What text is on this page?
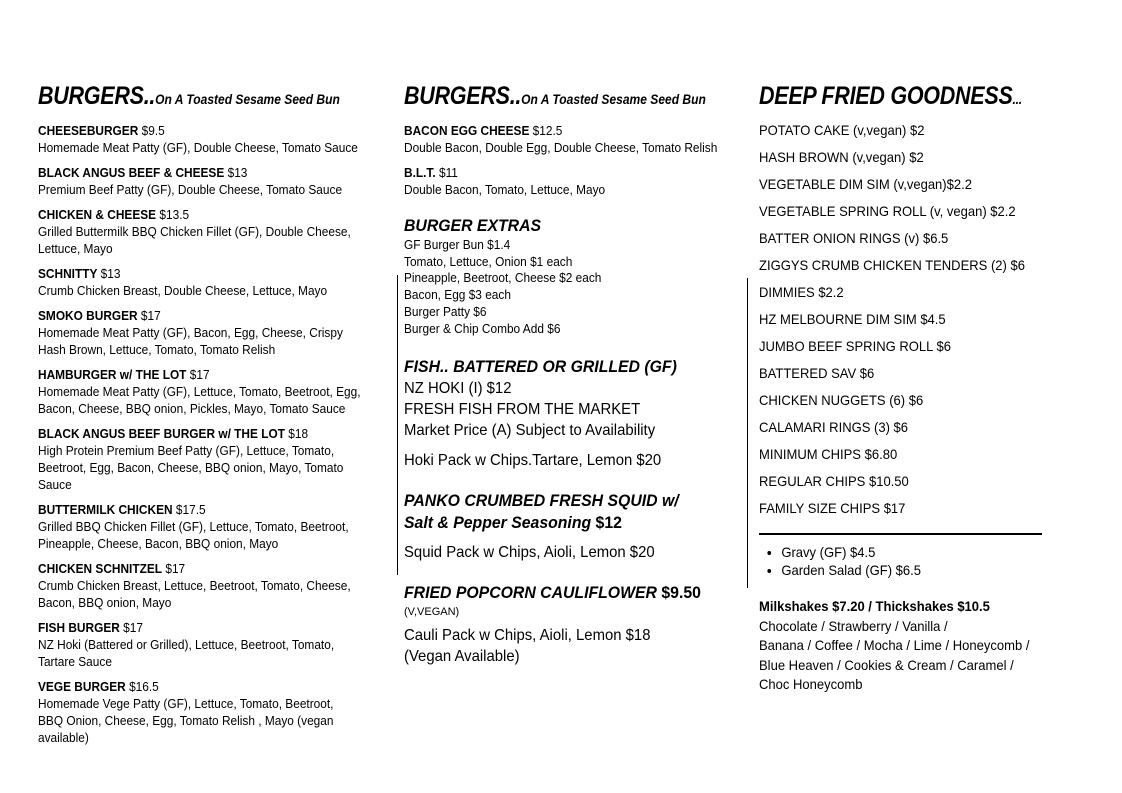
BURGERS..On A Toasted Sesame Seed Bun
CHEESEBURGER $9.5
Homemade Meat Patty (GF), Double Cheese, Tomato Sauce
BLACK ANGUS BEEF & CHEESE $13
Premium Beef Patty (GF), Double Cheese, Tomato Sauce
CHICKEN & CHEESE $13.5
Grilled Buttermilk BBQ Chicken Fillet (GF), Double Cheese, Lettuce, Mayo
SCHNITTY $13
Crumb Chicken Breast, Double Cheese, Lettuce, Mayo
SMOKO BURGER $17
Homemade Meat Patty (GF), Bacon, Egg, Cheese, Crispy Hash Brown, Lettuce, Tomato, Tomato Relish
HAMBURGER w/ THE LOT $17
Homemade Meat Patty (GF), Lettuce, Tomato, Beetroot, Egg, Bacon, Cheese, BBQ onion, Pickles, Mayo, Tomato Sauce
BLACK ANGUS BEEF BURGER w/ THE LOT $18
High Protein Premium Beef Patty (GF), Lettuce, Tomato, Beetroot, Egg, Bacon, Cheese, BBQ onion, Mayo, Tomato Sauce
BUTTERMILK CHICKEN $17.5
Grilled BBQ Chicken Fillet (GF), Lettuce, Tomato, Beetroot, Pineapple, Cheese, Bacon, BBQ onion, Mayo
CHICKEN SCHNITZEL $17
Crumb Chicken Breast, Lettuce, Beetroot, Tomato, Cheese, Bacon, BBQ onion, Mayo
FISH BURGER $17
NZ Hoki (Battered or Grilled), Lettuce, Beetroot, Tomato, Tartare Sauce
VEGE BURGER $16.5
Homemade Vege Patty (GF), Lettuce, Tomato, Beetroot, BBQ Onion, Cheese, Egg, Tomato Relish , Mayo (vegan available)
BURGERS..On A Toasted Sesame Seed Bun
BACON EGG CHEESE $12.5
Double Bacon, Double Egg, Double Cheese, Tomato Relish
B.L.T. $11
Double Bacon, Tomato, Lettuce, Mayo
BURGER EXTRAS
GF Burger Bun $1.4
Tomato, Lettuce, Onion $1 each
Pineapple, Beetroot, Cheese $2 each
Bacon, Egg $3 each
Burger Patty $6
Burger & Chip Combo Add $6
FISH.. BATTERED OR GRILLED (GF)
NZ HOKI (I) $12
FRESH FISH FROM THE MARKET
Market Price (A) Subject to Availability
Hoki Pack w Chips.Tartare, Lemon $20
PANKO CRUMBED FRESH SQUID w/
Salt & Pepper Seasoning $12
Squid Pack w Chips, Aioli, Lemon $20
FRIED POPCORN CAULIFLOWER $9.50
(V,VEGAN)
Cauli Pack w Chips, Aioli, Lemon $18
(Vegan Available)
DEEP FRIED GOODNESS...
POTATO CAKE (v,vegan) $2
HASH BROWN (v,vegan) $2
VEGETABLE DIM SIM (v,vegan)$2.2
VEGETABLE SPRING ROLL (v, vegan) $2.2
BATTER ONION RINGS (v) $6.5
ZIGGYS CRUMB CHICKEN TENDERS (2) $6
DIMMIES $2.2
HZ MELBOURNE DIM SIM $4.5
JUMBO BEEF SPRING ROLL $6
BATTERED SAV $6
CHICKEN NUGGETS (6) $6
CALAMARI RINGS (3) $6
MINIMUM CHIPS $6.80
REGULAR CHIPS $10.50
FAMILY SIZE CHIPS $17
• Gravy (GF) $4.5
• Garden Salad (GF) $6.5
Milkshakes $7.20 / Thickshakes $10.5
Chocolate / Strawberry / Vanilla /
Banana / Coffee / Mocha / Lime / Honeycomb /
Blue Heaven / Cookies & Cream / Caramel /
Choc Honeycomb
